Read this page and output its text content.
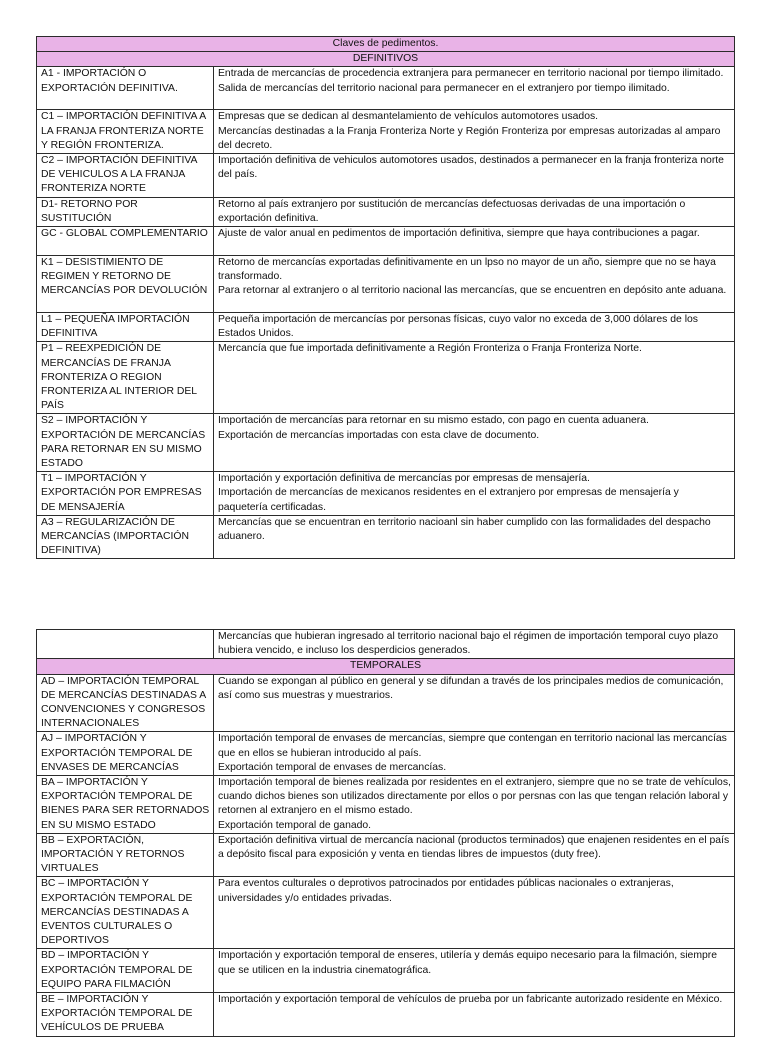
Claves de pedimentos.	
DEFINITIVOS	
A1 - IMPORTACIÓN O EXPORTACIÓN DEFINITIVA.	Entrada de mercancías de procedencia extranjera para permanecer en territorio nacional por tiempo ilimitado.
Salida de mercancías del territorio nacional para permanecer en el extranjero por tiempo ilimitado.

C1 – IMPORTACIÓN DEFINITIVA A LA FRANJA FRONTERIZA NORTE Y REGIÓN FRONTERIZA.	Empresas que se dedican al desmantelamiento de vehículos automotores usados.
Mercancías destinadas a la Franja Fronteriza Norte y Región Fronteriza por empresas autorizadas al amparo del decreto.

C2 – IMPORTACIÓN DEFINITIVA DE VEHICULOS A LA FRANJA FRONTERIZA NORTE	Importación definitiva de vehiculos automotores usados, destinados a permanecer en la franja fronteriza norte del país.

D1- RETORNO POR SUSTITUCIÓN	Retorno al país extranjero por sustitución de mercancías defectuosas derivadas de una importación o exportación definitiva.

GC - GLOBAL COMPLEMENTARIO	Ajuste de valor anual en pedimentos de importación definitiva, siempre que haya contribuciones a pagar.

K1 – DESISTIMIENTO DE REGIMEN Y RETORNO DE MERCANCÍAS POR DEVOLUCIÓN	Retorno de mercancías exportadas definitivamente en un lpso no mayor de un año, siempre que no se haya transformado.
Para retornar al extranjero o al territorio nacional las mercancías, que se encuentren en depósito ante aduana.

L1 – PEQUEÑA IMPORTACIÓN DEFINITIVA	Pequeña importación de mercancías por personas físicas, cuyo valor no exceda de 3,000 dólares de los Estados Unidos.

P1 – REEXPEDICIÓN DE MERCANCÍAS DE FRANJA FRONTERIZA O REGION FRONTERIZA AL INTERIOR DEL PAÍS	Mercancía que fue importada definitivamente a Región Fronteriza o Franja Fronteriza Norte.

S2 – IMPORTACIÓN Y EXPORTACIÓN DE MERCANCÍAS PARA RETORNAR EN SU MISMO ESTADO	Importación de mercancías para retornar en su mismo estado, con pago en cuenta aduanera.
Exportación de mercancías importadas con esta clave de documento.

T1 – IMPORTACIÓN Y EXPORTACIÓN POR EMPRESAS DE MENSAJERÍA	Importación y exportación definitiva de mercancías por empresas de mensajería.
Importación de mercancías de mexicanos residentes en el extranjero por empresas de mensajería y paquetería certificadas.

A3 – REGULARIZACIÓN DE MERCANCÍAS (IMPORTACIÓN DEFINITIVA)	Mercancías que se encuentran en territorio nacioanl sin haber cumplido con las formalidades del despacho aduanero.

	Mercancías que hubieran ingresado al territorio nacional bajo el régimen de importación temporal cuyo plazo hubiera vencido, e incluso los desperdicios generados.

TEMPORALES	
AD – IMPORTACIÓN TEMPORAL DE MERCANCÍAS DESTINADAS A CONVENCIONES Y CONGRESOS INTERNACIONALES	Cuando se expongan al público en general y se difundan a través de los principales medios de comunicación, así como sus muestras y muestrarios.

AJ – IMPORTACIÓN Y EXPORTACIÓN TEMPORAL DE ENVASES DE MERCANCÍAS	Importación temporal de envases de mercancías, siempre que contengan en territorio nacional las mercancías que en ellos se hubieran introducido al país.
Exportación temporal de envases de mercancías.

BA – IMPORTACIÓN Y EXPORTACIÓN TEMPORAL DE BIENES PARA SER RETORNADOS EN SU MISMO ESTADO	Importación temporal de bienes realizada por residentes en el extranjero, siempre que no se trate de vehículos, cuando dichos bienes son utilizados directamente por ellos o por persnas con las que tengan relación laboral y retornen al extranjero en el mismo estado.
Exportación temporal de ganado.

BB – EXPORTACIÓN, IMPORTACIÓN Y RETORNOS VIRTUALES	Exportación definitiva virtual de mercancía nacional (productos terminados) que enajenen residentes en el país a depósito fiscal para exposición y venta en tiendas libres de impuestos (duty free).

BC – IMPORTACIÓN Y EXPORTACIÓN TEMPORAL DE MERCANCÍAS DESTINADAS A EVENTOS CULTURALES O DEPORTIVOS	Para eventos culturales o deprotivos patrocinados por entidades públicas nacionales o extranjeras, universidades y/o entidades privadas.

BD – IMPORTACIÓN Y EXPORTACIÓN TEMPORAL DE EQUIPO PARA FILMACIÓN	Importación y exportación temporal de enseres, utilería y demás equipo necesario para la filmación, siempre que se utilicen en la industria cinematográfica.

BE – IMPORTACIÓN Y EXPORTACIÓN TEMPORAL DE VEHÍCULOS DE PRUEBA	Importación y exportación temporal de vehículos de prueba por un fabricante autorizado residente en México.
